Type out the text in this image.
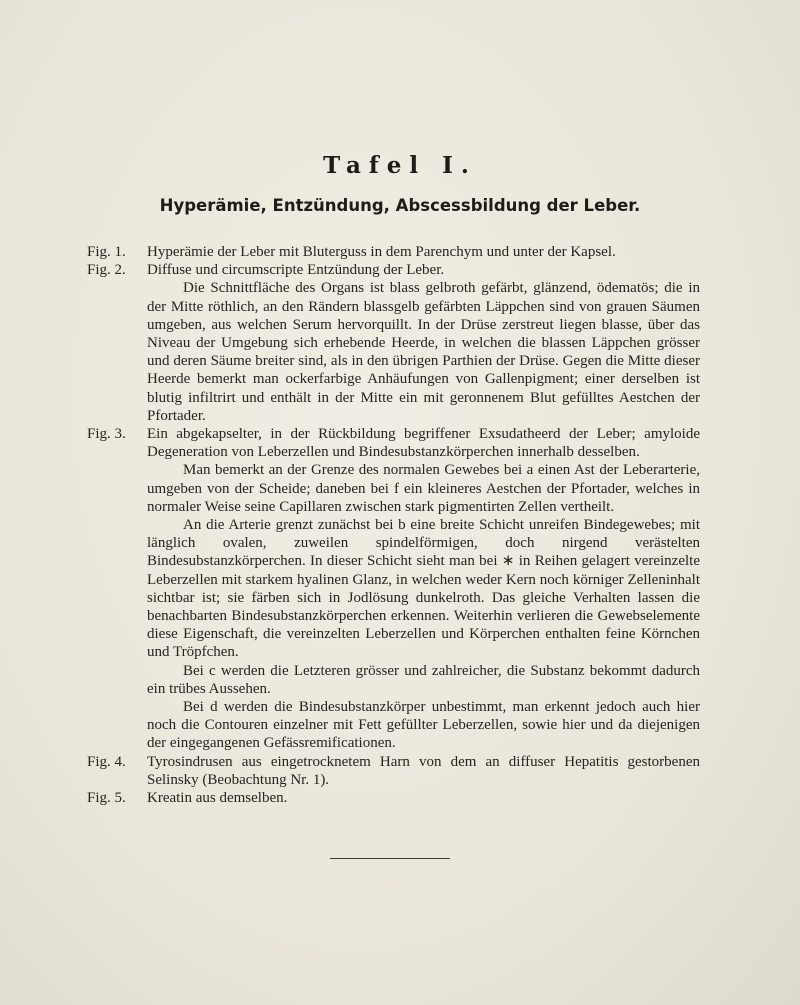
Tafel I.
Hyperämie, Entzündung, Abscessbildung der Leber.
Fig. 1.	Hyperämie der Leber mit Bluterguss in dem Parenchym und unter der Kapsel.

Fig. 2.	Diffuse und circumscripte Entzündung der Leber.

Die Schnittfläche des Organs ist blass gelbroth gefärbt, glänzend, ödematös; die in der Mitte röthlich, an den Rändern blassgelb gefärbten Läppchen sind von grauen Säumen umgeben, aus welchen Serum hervorquillt. In der Drüse zerstreut liegen blasse, über das Niveau der Umgebung sich erhebende Heerde, in welchen die blassen Läppchen grösser und deren Säume breiter sind, als in den übrigen Parthien der Drüse. Gegen die Mitte dieser Heerde bemerkt man ockerfarbige Anhäufungen von Gallenpigment; einer derselben ist blutig infiltrirt und enthält in der Mitte ein mit geronnenem Blut gefülltes Aestchen der Pfortader.

Fig. 3.	Ein abgekapselter, in der Rückbildung begriffener Exsudatheerd der Leber; amyloide Degeneration von Leberzellen und Bindesubstanzkörperchen innerhalb desselben.

Man bemerkt an der Grenze des normalen Gewebes bei a einen Ast der Leberarterie, umgeben von der Scheide; daneben bei f ein kleineres Aestchen der Pfortader, welches in normaler Weise seine Capillaren zwischen stark pigmentirten Zellen vertheilt.

An die Arterie grenzt zunächst bei b eine breite Schicht unreifen Bindegewebes; mit länglich ovalen, zuweilen spindelförmigen, doch nirgend verästelten Bindesubstanzkörperchen. In dieser Schicht sieht man bei ∗ in Reihen gelagert vereinzelte Leberzellen mit starkem hyalinen Glanz, in welchen weder Kern noch körniger Zelleninhalt sichtbar ist; sie färben sich in Jodlösung dunkelroth. Das gleiche Verhalten lassen die benachbarten Bindesubstanzkörperchen erkennen. Weiterhin verlieren die Gewebselemente diese Eigenschaft, die vereinzelten Leberzellen und Körperchen enthalten feine Körnchen und Tröpfchen.

Bei c werden die Letzteren grösser und zahlreicher, die Substanz bekommt dadurch ein trübes Aussehen.

Bei d werden die Bindesubstanzkörper unbestimmt, man erkennt jedoch auch hier noch die Contouren einzelner mit Fett gefüllter Leberzellen, sowie hier und da diejenigen der eingegangenen Gefässremificationen.

Fig. 4.	Tyrosindrusen aus eingetrocknetem Harn von dem an diffuser Hepatitis gestorbenen Selinsky (Beobachtung Nr. 1).

Fig. 5.	Kreatin aus demselben.
